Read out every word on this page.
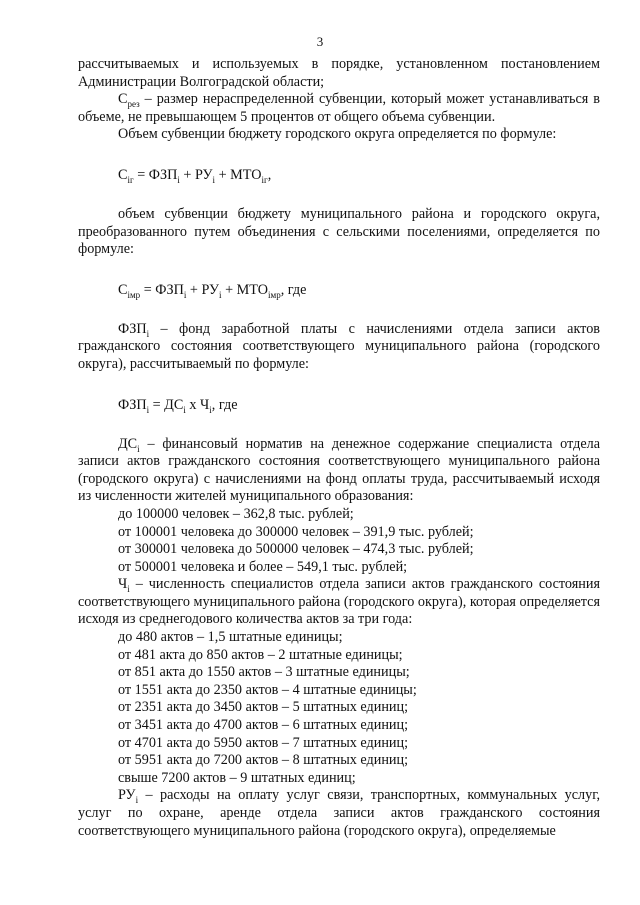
3

рассчитываемых и используемых в порядке, установленном постановлением Администрации Волгоградской области;

$С_{рез}$ – размер нераспределенной субвенции, который может устанавливаться в объеме, не превышающем 5 процентов от общего объема субвенции.

Объем субвенции бюджету городского округа определяется по формуле:

$С_{iг} = ФЗП_i + РУ_i + МТО_{iг}$,

объем субвенции бюджету муниципального района и городского округа, преобразованного путем объединения с сельскими поселениями, определяется по формуле:

$С_{iмр} = ФЗП_i + РУ_i + МТО_{iмр}$, где

$ФЗП_i$ – фонд заработной платы с начислениями отдела записи актов гражданского состояния соответствующего муниципального района (городского округа), рассчитываемый по формуле:

$ФЗП_i = ДС_i$ х $Ч_i$, где

$ДС_i$ – финансовый норматив на денежное содержание специалиста отдела записи актов гражданского состояния соответствующего муниципального района (городского округа) с начислениями на фонд оплаты труда, рассчитываемый исходя из численности жителей муниципального образования:

до 100000 человек – 362,8 тыс. рублей;

от 100001 человека до 300000 человек – 391,9 тыс. рублей;

от 300001 человека до 500000 человек – 474,3 тыс. рублей;

от 500001 человека и более – 549,1 тыс. рублей;

$Ч_i$ – численность специалистов отдела записи актов гражданского состояния соответствующего муниципального района (городского округа), которая определяется исходя из среднегодового количества актов за три года:

до 480 актов – 1,5 штатные единицы;

от 481 акта до 850 актов – 2 штатные единицы;

от 851 акта до 1550 актов – 3 штатные единицы;

от 1551 акта до 2350 актов – 4 штатные единицы;

от 2351 акта до 3450 актов – 5 штатных единиц;

от 3451 акта до 4700 актов – 6 штатных единиц;

от 4701 акта до 5950 актов – 7 штатных единиц;

от 5951 акта до 7200 актов – 8 штатных единиц;

свыше 7200 актов – 9 штатных единиц;

$РУ_i$ – расходы на оплату услуг связи, транспортных, коммунальных услуг, услуг по охране, аренде отдела записи актов гражданского состояния соответствующего муниципального района (городского округа), определяемые
